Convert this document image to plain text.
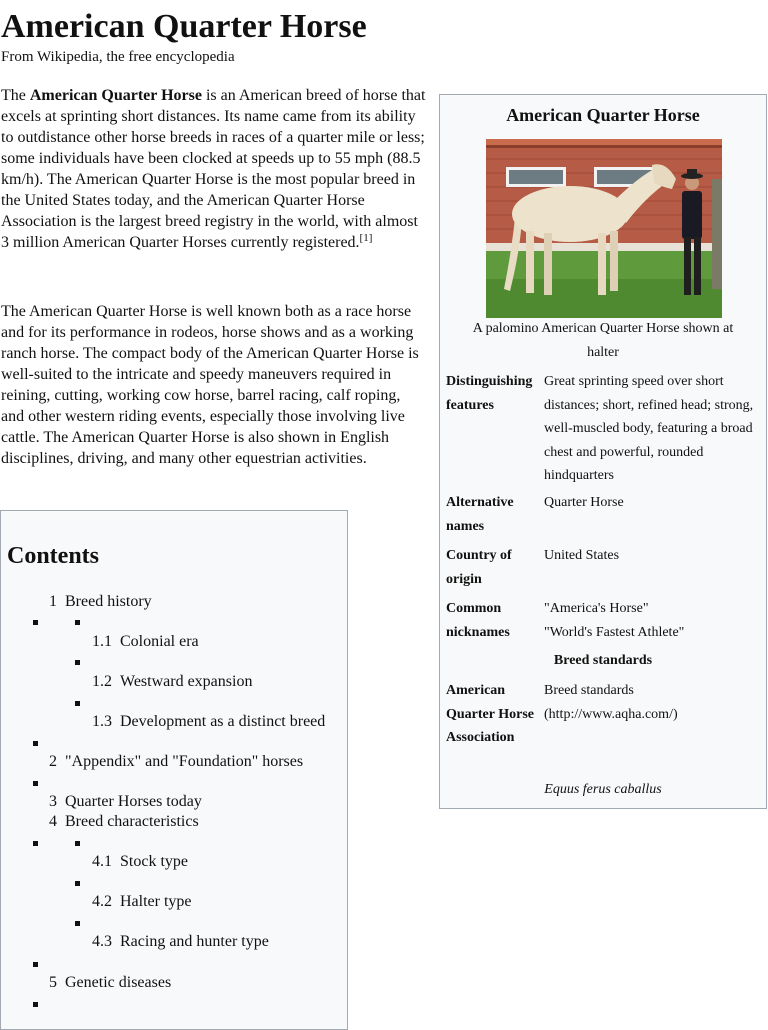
American Quarter Horse
From Wikipedia, the free encyclopedia

The American Quarter Horse is an American breed of horse that excels at sprinting short distances. Its name came from its ability to outdistance other horse breeds in races of a quarter mile or less; some individuals have been clocked at speeds up to 55 mph (88.5 km/h). The American Quarter Horse is the most popular breed in the United States today, and the American Quarter Horse Association is the largest breed registry in the world, with almost 3 million American Quarter Horses currently registered.[1]

The American Quarter Horse is well known both as a race horse and for its performance in rodeos, horse shows and as a working ranch horse. The compact body of the American Quarter Horse is well-suited to the intricate and speedy maneuvers required in reining, cutting, working cow horse, barrel racing, calf roping, and other western riding events, especially those involving live cattle. The American Quarter Horse is also shown in English disciplines, driving, and many other equestrian activities.

American Quarter Horse
A palomino American Quarter Horse shown at halter
Distinguishing features
Great sprinting speed over short distances; short, refined head; strong, well-muscled body, featuring a broad chest and powerful, rounded hindquarters
Alternative names
Quarter Horse
Country of origin
United States
Common nicknames
"America's Horse"
"World's Fastest Athlete"
Breed standards
American Quarter Horse Association
Breed standards (http://www.aqha.com/)
Equus ferus caballus
Contents
1 Breed history
1.1 Colonial era
1.2 Westward expansion
1.3 Development as a distinct breed
2 "Appendix" and "Foundation" horses
3 Quarter Horses today
4 Breed characteristics
4.1 Stock type
4.2 Halter type
4.3 Racing and hunter type
5 Genetic diseases
